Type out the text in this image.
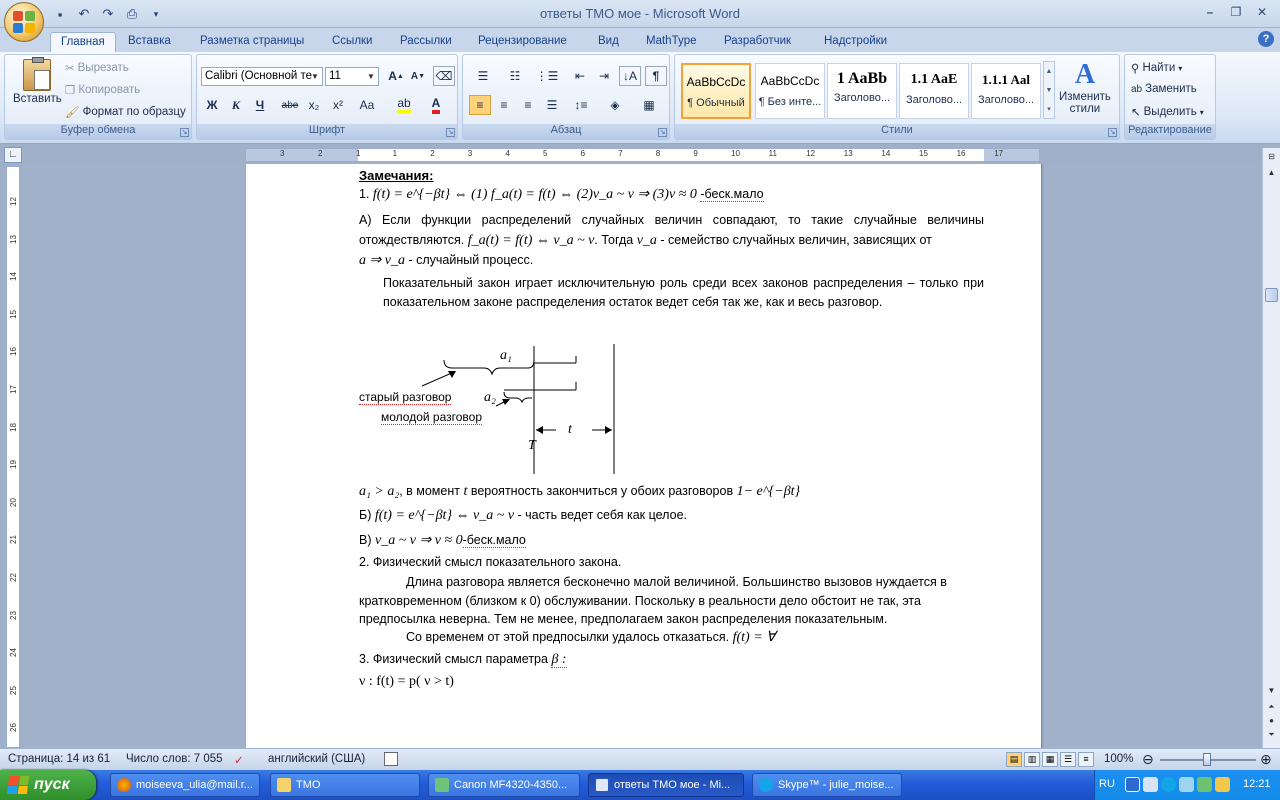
▪	↶	↷	⎙	▾	ответы ТМО мое - Microsoft Word	–	❐	✕
Главная	Вставка	Разметка страницы	Ссылки	Рассылки	Рецензирование	Вид	MathType	Разработчик	Надстройки	?
Вставить
✂ Вырезать
❐ Копировать
🖌 Формат по образцу
Буфер обмена	↘
Calibri (Основной те
▼ 11	▼ A ▲ A ▼ ⌫
Ж	К	Ч	abe x₂	x²	Aa	ab A
Шрифт	↘
☰	☷	⋮☰	⇤	⇥	↓A	¶
≡	≡	≡	☰	↕≡	◈	▦
Абзац	↘
AaBbCcDc
¶ Обычный
AaBbCcDc
¶ Без инте...
1 AaBb
Заголово...
1.1 AaE
Заголово...
1.1.1 Aal
Заголово...
▲
▼
▾
A
Изменить
стили
Стили	↘
⚲ Найти ▾
ab Заменить
↖ Выделить ▾
Редактирование
∟	3	2	1	1	2	3	4	5	6	7	8	9	10	11	12	13	14	15	16	17
12
13
14
15
16
17
18
19
20
21
22
23
24
25
26
Замечания:
1. f(t) = e^{−βt} ⇔ (1) f_a(t) = f(t) ⇔ (2)ν_a ~ ν ⇒ (3)ν ≈ 0 -беск.мало
А) Если функции распределений случайных величин совпадают, то такие случайные величины отождествляются. f_a(t) = f(t) ⇔ ν_a ~ ν. Тогда ν_a - семейство случайных величин, зависящих от
a ⇒ ν_a - случайный процесс.
Показательный закон играет исключительную роль среди всех законов распределения – только при показательном законе распределения остаток ведет себя так же, как и весь разговор.
a₁
a₂
старый разговор
молодой разговор
t
T
a₁ > a₂, в момент t вероятность закончиться у обоих разговоров 1− e^{−βt}
Б) f(t) = e^{−βt} ⇔ ν_a ~ ν - часть ведет себя как целое.
В) ν_a ~ ν ⇒ ν ≈ 0-беск.мало
2. Физический смысл показательного закона.
Длина разговора является бесконечно малой величиной. Большинство вызовов нуждается в кратковременном (близком к 0) обслуживании. Поскольку в реальности дело обстоит не так, эта предпосылка неверна. Тем не менее, предполагаем закон распределения показательным.
Со временем от этой предпосылки удалось отказаться. f(t) = ∀
3. Физический смысл параметра β :
ν : f(t) = p( ν > t)
⊟
▲
▼
⏶
●
⏷
Страница: 14 из 61 Число слов: 7 055 ✓ английский (США)	▤	▥	▦	☰	≡	100% ⊖	⊕
пуск	moiseeva_ulia@mail.r...	TMO	Canon MF4320-4350...	ответы ТМО мое - Mi...	Skype™ - julie_moise...	RU	12:21
